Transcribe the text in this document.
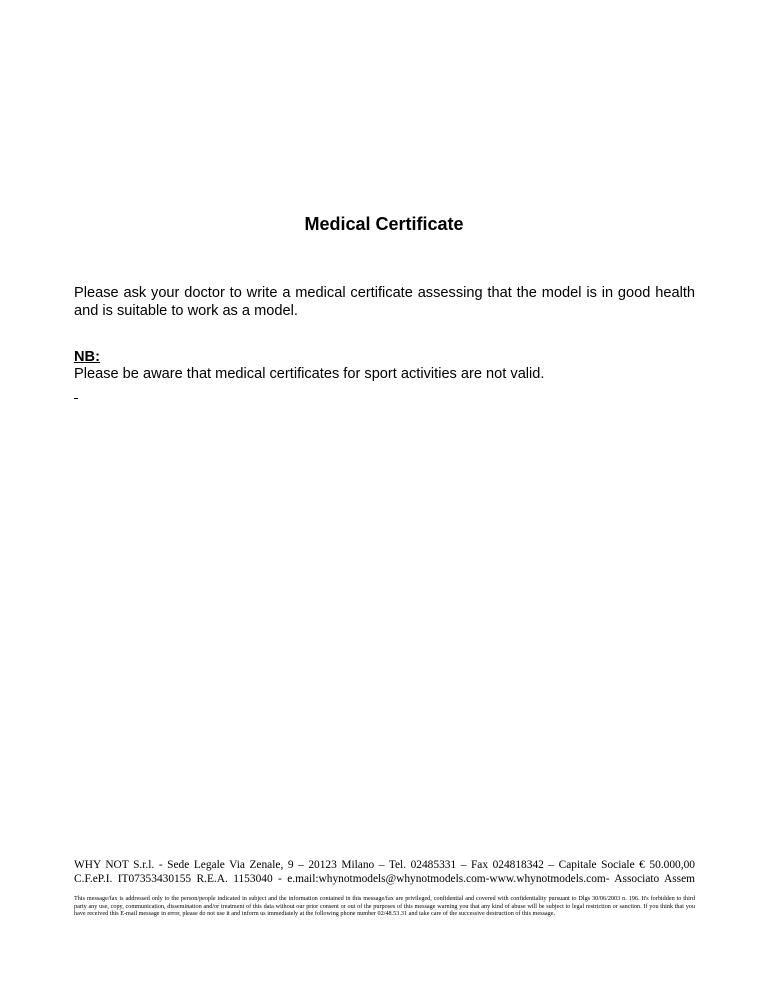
Medical Certificate
Please ask your doctor to write a medical certificate assessing that the model is in good health and is suitable to work as a model.
NB:
Please be aware that medical certificates for sport activities are not valid.
WHY NOT S.r.l. - Sede Legale Via Zenale, 9 – 20123 Milano – Tel. 02485331 – Fax 024818342 – Capitale Sociale € 50.000,00
C.F.eP.I. IT07353430155 R.E.A. 1153040 - e.mail:whynotmodels@whynotmodels.com-www.whynotmodels.com- Associato Assem
This message/fax is addressed only to the person/people indicated in subject and the information contained in this message/fax are privileged, confidential and covered with confidentiality pursuant to Dlgs 30/06/2003 n. 196. It's forbidden to third party any use, copy, communication, dissemination and/or treatment of this data without our prior consent or out of the purposes of this message warning you that any kind of abuse will be subject to legal restriction or sanction. If you think that you have received this E-mail message in error, please do not use it and inform us immediately at the following phone number 02/48.53.31 and take care of the successive destruction of this message.
